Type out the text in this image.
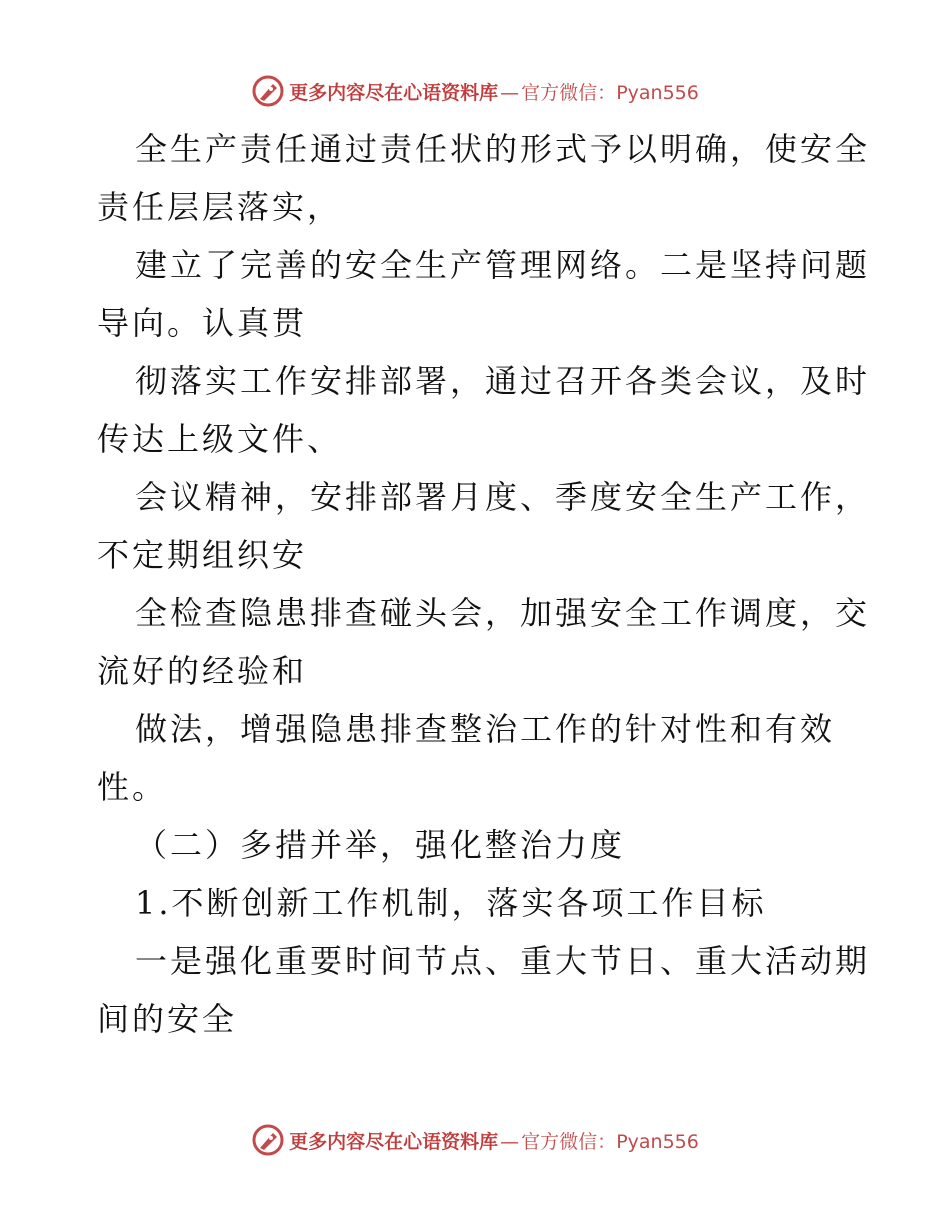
更多内容尽在心语资料库 — 官方微信：Pyan556
全生产责任通过责任状的形式予以明确，使安全
责任层层落实，
建立了完善的安全生产管理网络。二是坚持问题
导向。认真贯
彻落实工作安排部署，通过召开各类会议，及时
传达上级文件、
会议精神，安排部署月度、季度安全生产工作，
不定期组织安
全检查隐患排查碰头会，加强安全工作调度，交
流好的经验和
做法，增强隐患排查整治工作的针对性和有效
性。
（二）多措并举，强化整治力度
1.不断创新工作机制，落实各项工作目标
一是强化重要时间节点、重大节日、重大活动期
间的安全
更多内容尽在心语资料库 — 官方微信：Pyan556
